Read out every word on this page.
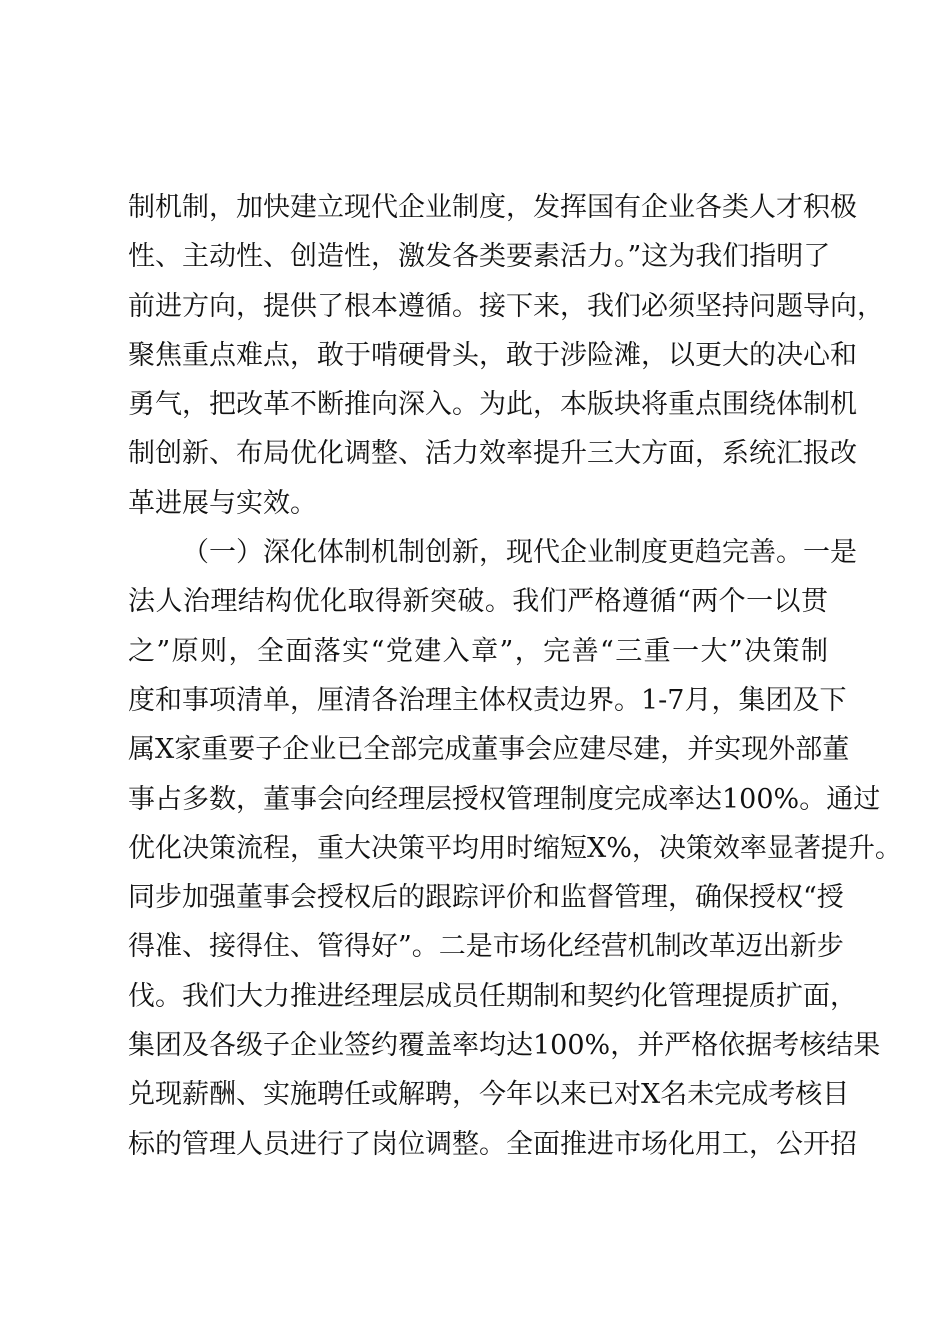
制机制，加快建立现代企业制度，发挥国有企业各类人才积极
性、主动性、创造性，激发各类要素活力。”这为我们指明了
前进方向，提供了根本遵循。接下来，我们必须坚持问题导向，
聚焦重点难点，敢于啃硬骨头，敢于涉险滩，以更大的决心和
勇气，把改革不断推向深入。为此，本版块将重点围绕体制机
制创新、布局优化调整、活力效率提升三大方面，系统汇报改
革进展与实效。
（一）深化体制机制创新，现代企业制度更趋完善。一是
法人治理结构优化取得新突破。我们严格遵循“两个一以贯
之”原则，全面落实“党建入章”，完善“三重一大”决策制
度和事项清单，厘清各治理主体权责边界。1-7月，集团及下
属X家重要子企业已全部完成董事会应建尽建，并实现外部董
事占多数，董事会向经理层授权管理制度完成率达100%。通过
优化决策流程，重大决策平均用时缩短X%，决策效率显著提升。
同步加强董事会授权后的跟踪评价和监督管理，确保授权“授
得准、接得住、管得好”。二是市场化经营机制改革迈出新步
伐。我们大力推进经理层成员任期制和契约化管理提质扩面，
集团及各级子企业签约覆盖率均达100%，并严格依据考核结果
兑现薪酬、实施聘任或解聘，今年以来已对X名未完成考核目
标的管理人员进行了岗位调整。全面推进市场化用工，公开招
